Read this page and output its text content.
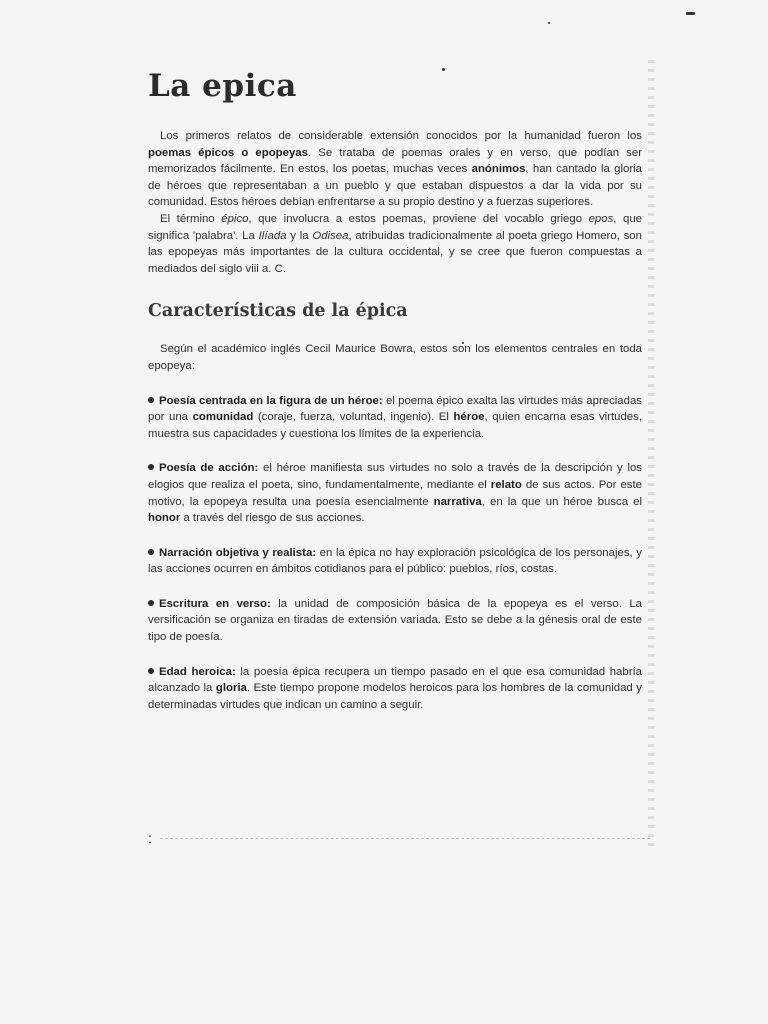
La epica

Los primeros relatos de considerable extensión conocidos por la humanidad fueron los poemas épicos o epopeyas. Se trataba de poemas orales y en verso, que podían ser memorizados fácilmente. En estos, los poetas, muchas veces anónimos, han cantado la gloria de héroes que representaban a un pueblo y que estaban dispuestos a dar la vida por su comunidad. Estos héroes debían enfrentarse a su propio destino y a fuerzas superiores.

El término épico, que involucra a estos poemas, proviene del vocablo griego epos, que significa 'palabra'. La Ilíada y la Odisea, atribuidas tradicionalmente al poeta griego Homero, son las epopeyas más importantes de la cultura occidental, y se cree que fueron compuestas a mediados del siglo viii a. C.

Características de la épica

Según el académico inglés Cecil Maurice Bowra, estos son los elementos centrales en toda epopeya:

Poesía centrada en la figura de un héroe: el poema épico exalta las virtudes más apreciadas por una comunidad (coraje, fuerza, voluntad, ingenio). El héroe, quien encarna esas virtudes, muestra sus capacidades y cuestiona los límites de la experiencia.
Poesía de acción: el héroe manifiesta sus virtudes no solo a través de la descripción y los elogios que realiza el poeta, sino, fundamentalmente, mediante el relato de sus actos. Por este motivo, la epopeya resulta una poesía esencialmente narrativa, en la que un héroe busca el honor a través del riesgo de sus acciones.
Narración objetiva y realista: en la épica no hay exploración psicológica de los personajes, y las acciones ocurren en ámbitos cotidianos para el público: pueblos, ríos, costas.
Escritura en verso: la unidad de composición básica de la epopeya es el verso. La versificación se organiza en tiradas de extensión variada. Esto se debe a la génesis oral de este tipo de poesía.
Edad heroica: la poesía épica recupera un tiempo pasado en el que esa comunidad habría alcanzado la gloria. Este tiempo propone modelos heroicos para los hombres de la comunidad y determinadas virtudes que indican un camino a seguir.
:
